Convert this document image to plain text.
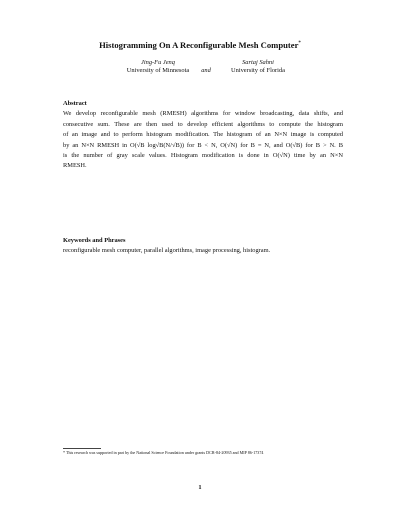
Histogramming On A Reconfigurable Mesh Computer*
Jing-Fu Jenq
University of Minnesota	and
Sartaj Sahni
University of Florida
Abstract
We develop reconfigurable mesh (RMESH) algorithms for window broadcasting, data shifts, and
consecutive sum. These are then used to develop efficient algorithms to compute the histogram
of an image and to perform histogram modification. The histogram of an N×N image is computed
by an N×N RMESH in O(√B log√B(N/√B)) for B < N, O(√N) for B = N, and O(√B) for B > N. B
is the number of gray scale values. Histogram modification is done in O(√N) time by an N×N
RMESH.
Keywords and Phrases
reconfigurable mesh computer, parallel algorithms, image processing, histogram.
* This research was supported in part by the National Science Foundation under grants DCR-84-20935 and MIP 86-17374
1
